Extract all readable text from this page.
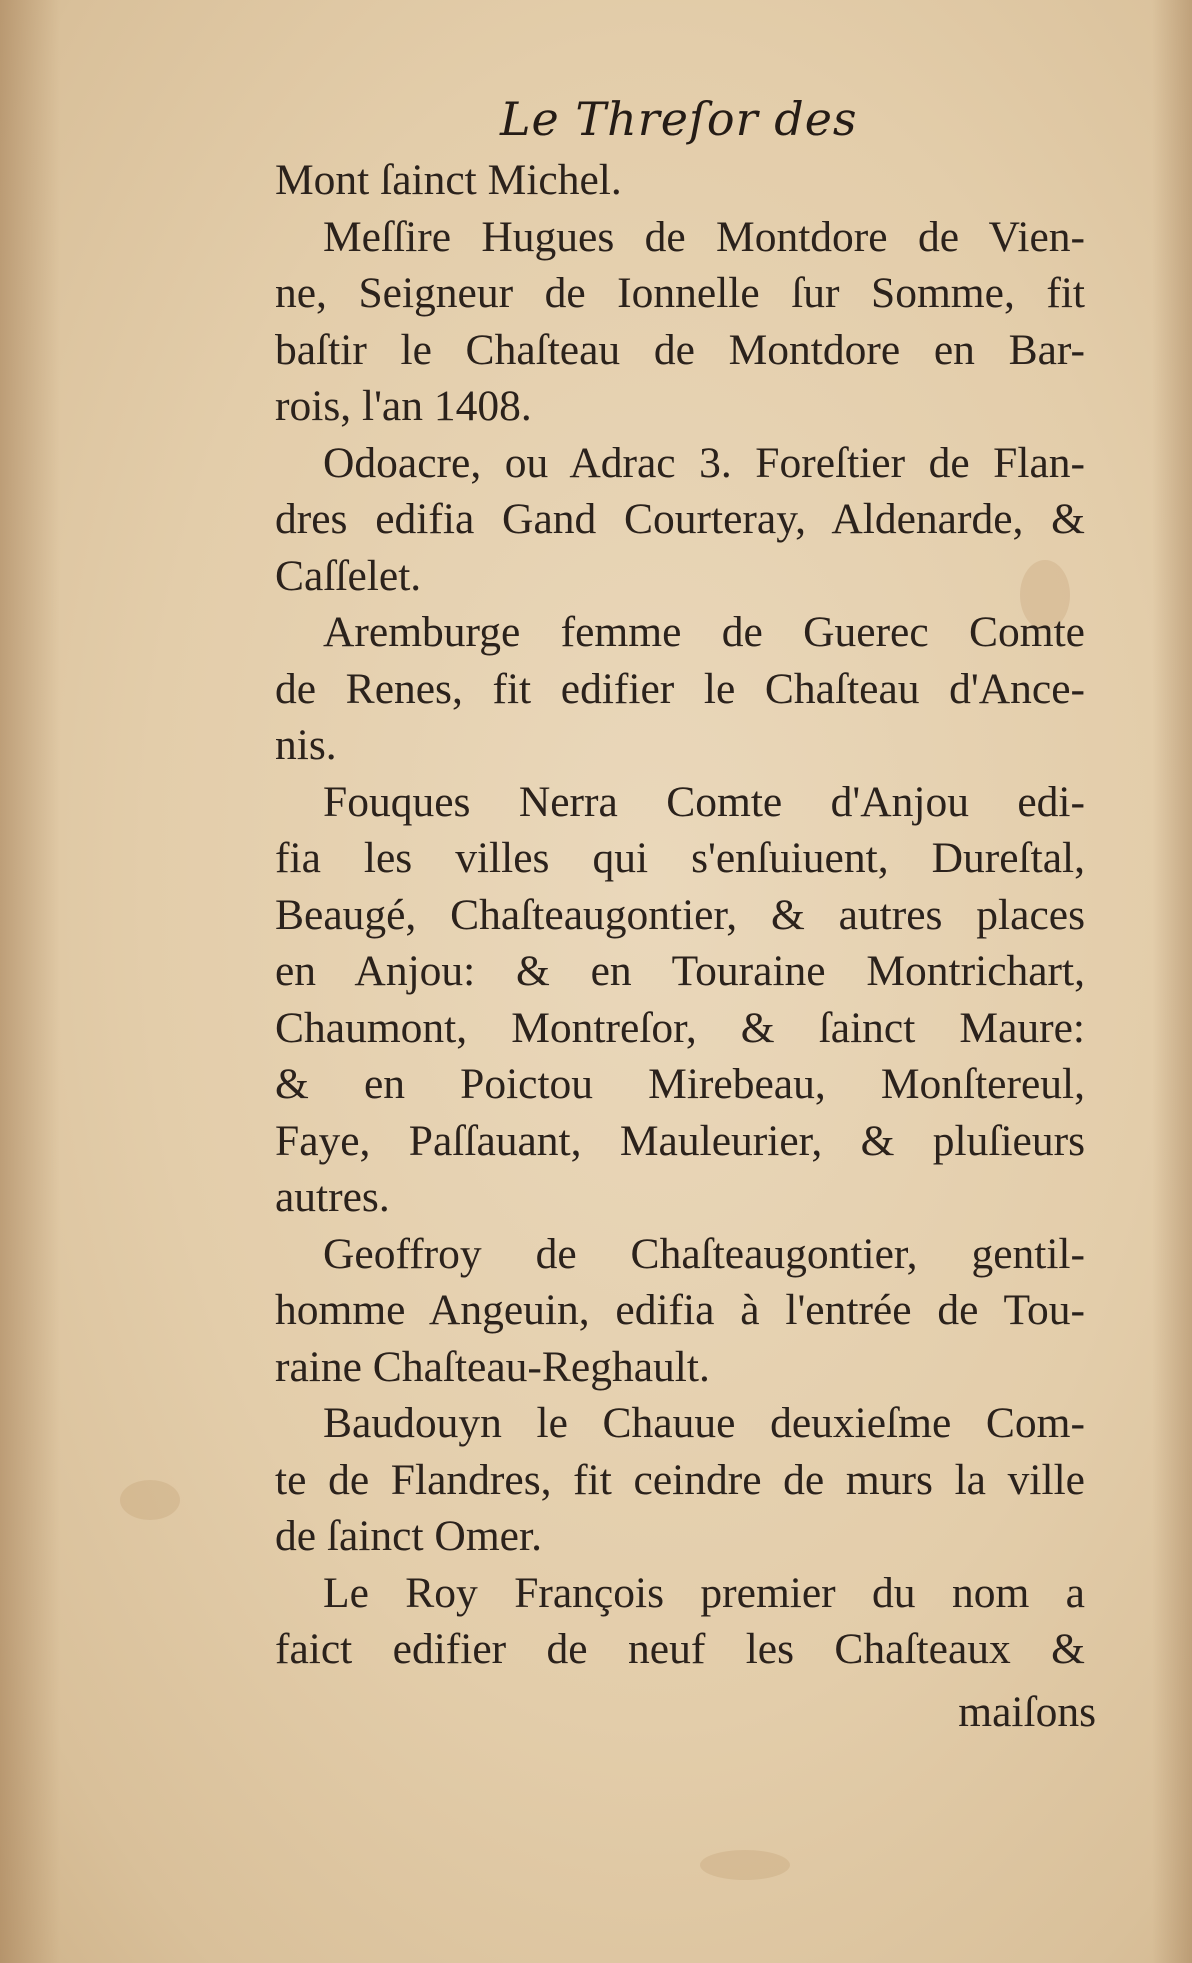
Le Threſor des
Mont ſainct Michel.
Meſſire Hugues de Montdore de Vien-
ne, Seigneur de Ionnelle ſur Somme, fit
baſtir le Chaſteau de Montdore en Bar-
rois, l'an 1408.
Odoacre, ou Adrac 3. Foreſtier de Flan-
dres edifia Gand Courteray, Aldenarde, &
Caſſelet.
Aremburge femme de Guerec Comte
de Renes, fit edifier le Chaſteau d'Ance-
nis.
Fouques Nerra Comte d'Anjou edi-
fia les villes qui s'enſuiuent, Dureſtal,
Beaugé, Chaſteaugontier, & autres places
en Anjou: & en Touraine Montrichart,
Chaumont, Montreſor, & ſainct Maure:
& en Poictou Mirebeau, Monſtereul,
Faye, Paſſauant, Mauleurier, & pluſieurs
autres.
Geoffroy de Chaſteaugontier, gentil-
homme Angeuin, edifia à l'entrée de Tou-
raine Chaſteau-Reghault.
Baudouyn le Chauue deuxieſme Com-
te de Flandres, fit ceindre de murs la ville
de ſainct Omer.
Le Roy François premier du nom a
faict edifier de neuf les Chaſteaux &
maiſons
